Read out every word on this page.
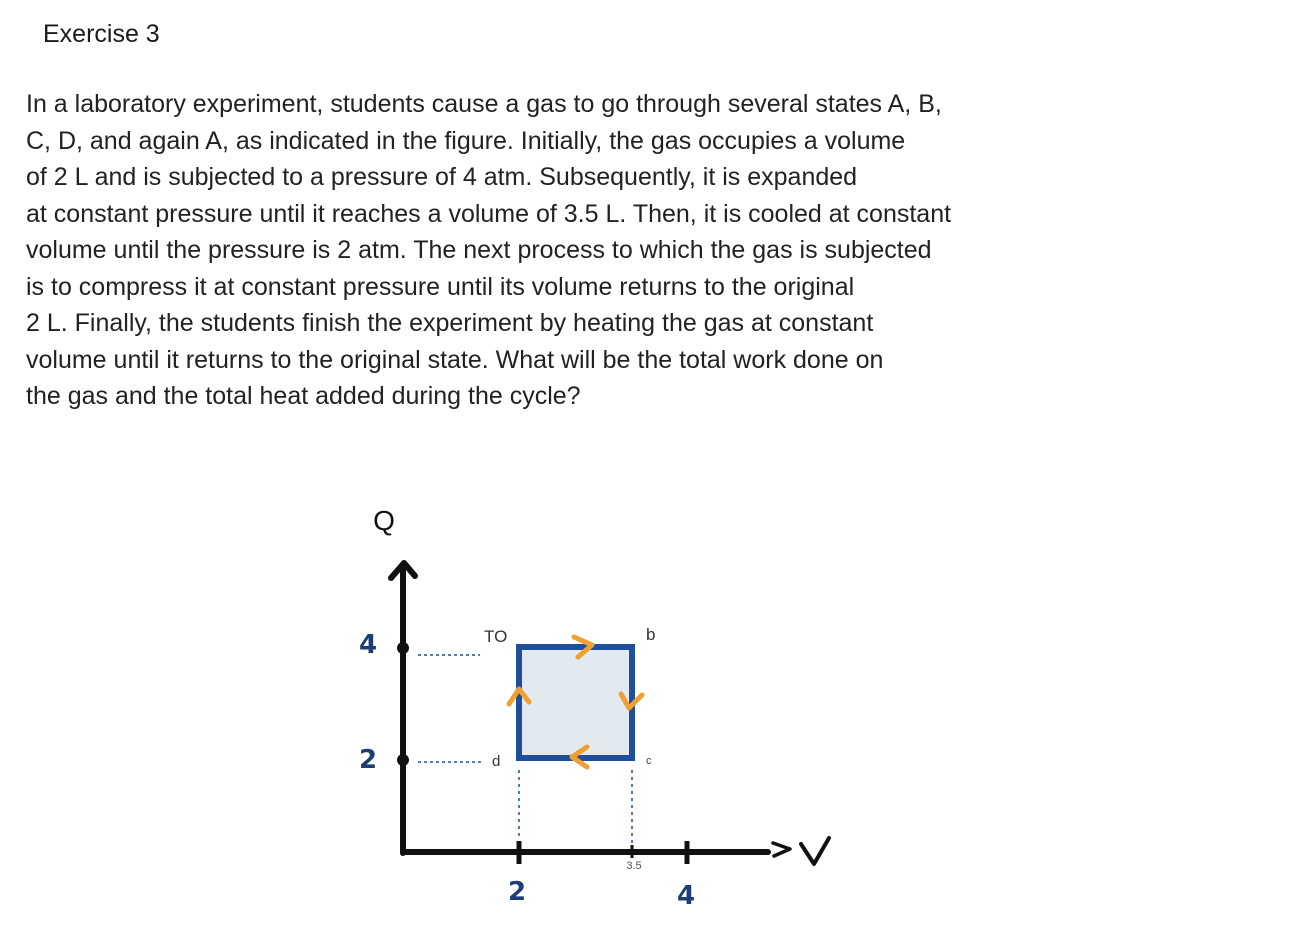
Exercise 3
In a laboratory experiment, students cause a gas to go through several states A, B,
C, D, and again A, as indicated in the figure. Initially, the gas occupies a volume
of 2 L and is subjected to a pressure of 4 atm. Subsequently, it is expanded
at constant pressure until it reaches a volume of 3.5 L. Then, it is cooled at constant
volume until the pressure is 2 atm. The next process to which the gas is subjected
is to compress it at constant pressure until its volume returns to the original
2 L. Finally, the students finish the experiment by heating the gas at constant
volume until it returns to the original state. What will be the total work done on
the gas and the total heat added during the cycle?
Q
V
4
2
2
3.5
4
TO	b
c
d
